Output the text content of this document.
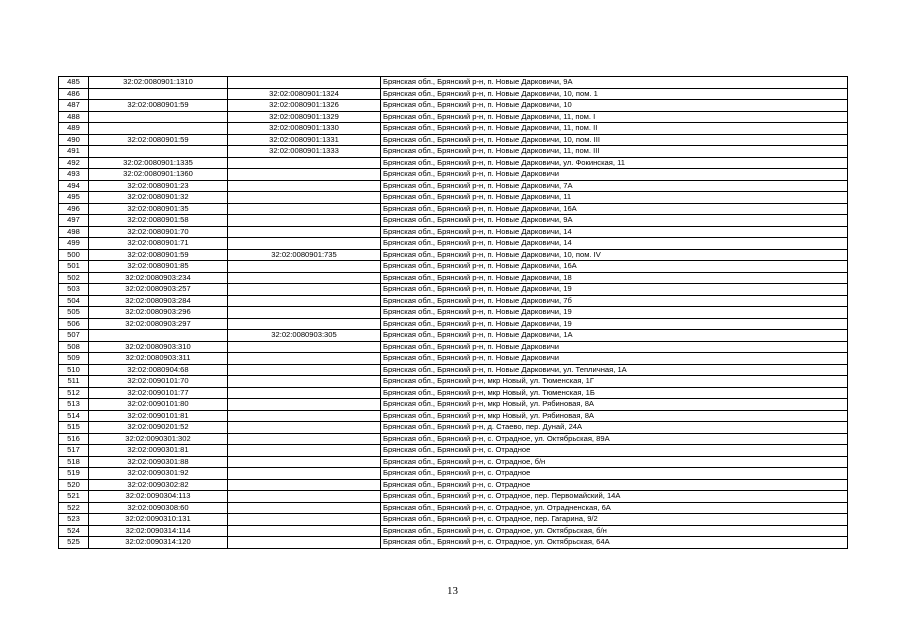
485	32:02:0080901:1310		Брянская обл., Брянский р-н, п. Новые Дарковичи, 9А
486		32:02:0080901:1324	Брянская обл., Брянский р-н, п. Новые Дарковичи, 10, пом. 1
487	32:02:0080901:59	32:02:0080901:1326	Брянская обл., Брянский р-н, п. Новые Дарковичи, 10
488		32:02:0080901:1329	Брянская обл., Брянский р-н, п. Новые Дарковичи, 11, пом. I
489		32:02:0080901:1330	Брянская обл., Брянский р-н, п. Новые Дарковичи, 11, пом. II
490	32:02:0080901:59	32:02:0080901:1331	Брянская обл., Брянский р-н, п. Новые Дарковичи, 10, пом. III
491		32:02:0080901:1333	Брянская обл., Брянский р-н, п. Новые Дарковичи, 11, пом. III
492	32:02:0080901:1335		Брянская обл., Брянский р-н, п. Новые Дарковичи, ул. Фокинская, 11
493	32:02:0080901:1360		Брянская обл., Брянский р-н, п. Новые Дарковичи
494	32:02:0080901:23		Брянская обл., Брянский р-н, п. Новые Дарковичи, 7А
495	32:02:0080901:32		Брянская обл., Брянский р-н, п. Новые Дарковичи, 11
496	32:02:0080901:35		Брянская обл., Брянский р-н, п. Новые Дарковичи, 16А
497	32:02:0080901:58		Брянская обл., Брянский р-н, п. Новые Дарковичи, 9А
498	32:02:0080901:70		Брянская обл., Брянский р-н, п. Новые Дарковичи, 14
499	32:02:0080901:71		Брянская обл., Брянский р-н, п. Новые Дарковичи, 14
500	32:02:0080901:59	32:02:0080901:735	Брянская обл., Брянский р-н, п. Новые Дарковичи, 10, пом. IV
501	32:02:0080901:85		Брянская обл., Брянский р-н, п. Новые Дарковичи, 16А
502	32:02:0080903:234		Брянская обл., Брянский р-н, п. Новые Дарковичи, 18
503	32:02:0080903:257		Брянская обл., Брянский р-н, п. Новые Дарковичи, 19
504	32:02:0080903:284		Брянская обл., Брянский р-н, п. Новые Дарковичи, 7б
505	32:02:0080903:296		Брянская обл., Брянский р-н, п. Новые Дарковичи, 19
506	32:02:0080903:297		Брянская обл., Брянский р-н, п. Новые Дарковичи, 19
507		32:02:0080903:305	Брянская обл., Брянский р-н, п. Новые Дарковичи, 1А
508	32:02:0080903:310		Брянская обл., Брянский р-н, п. Новые Дарковичи
509	32:02:0080903:311		Брянская обл., Брянский р-н, п. Новые Дарковичи
510	32:02:0080904:68		Брянская обл., Брянский р-н, п. Новые Дарковичи, ул. Тепличная, 1А
511	32:02:0090101:70		Брянская обл., Брянский р-н, мкр Новый, ул. Тюменская, 1Г
512	32:02:0090101:77		Брянская обл., Брянский р-н, мкр Новый, ул. Тюменская, 1Б
513	32:02:0090101:80		Брянская обл., Брянский р-н, мкр Новый, ул. Рябиновая, 8А
514	32:02:0090101:81		Брянская обл., Брянский р-н, мкр Новый, ул. Рябиновая, 8А
515	32:02:0090201:52		Брянская обл., Брянский р-н, д. Стаево, пер. Дунай, 24А
516	32:02:0090301:302		Брянская обл., Брянский р-н, с. Отрадное, ул. Октябрьская, 89А
517	32:02:0090301:81		Брянская обл., Брянский р-н, с. Отрадное
518	32:02:0090301:88		Брянская обл., Брянский р-н, с. Отрадное, б/н
519	32:02:0090301:92		Брянская обл., Брянский р-н, с. Отрадное
520	32:02:0090302:82		Брянская обл., Брянский р-н, с. Отрадное
521	32:02:0090304:113		Брянская обл., Брянский р-н, с. Отрадное, пер. Первомайский, 14А
522	32:02:0090308:60		Брянская обл., Брянский р-н, с. Отрадное, ул. Отрадненская, 6А
523	32:02:0090310:131		Брянская обл., Брянский р-н, с. Отрадное, пер. Гагарина, 9/2
524	32:02:0090314:114		Брянская обл., Брянский р-н, с. Отрадное, ул. Октябрьская, б/н
525	32:02:0090314:120		Брянская обл., Брянский р-н, с. Отрадное, ул. Октябрьская, 64А
13
